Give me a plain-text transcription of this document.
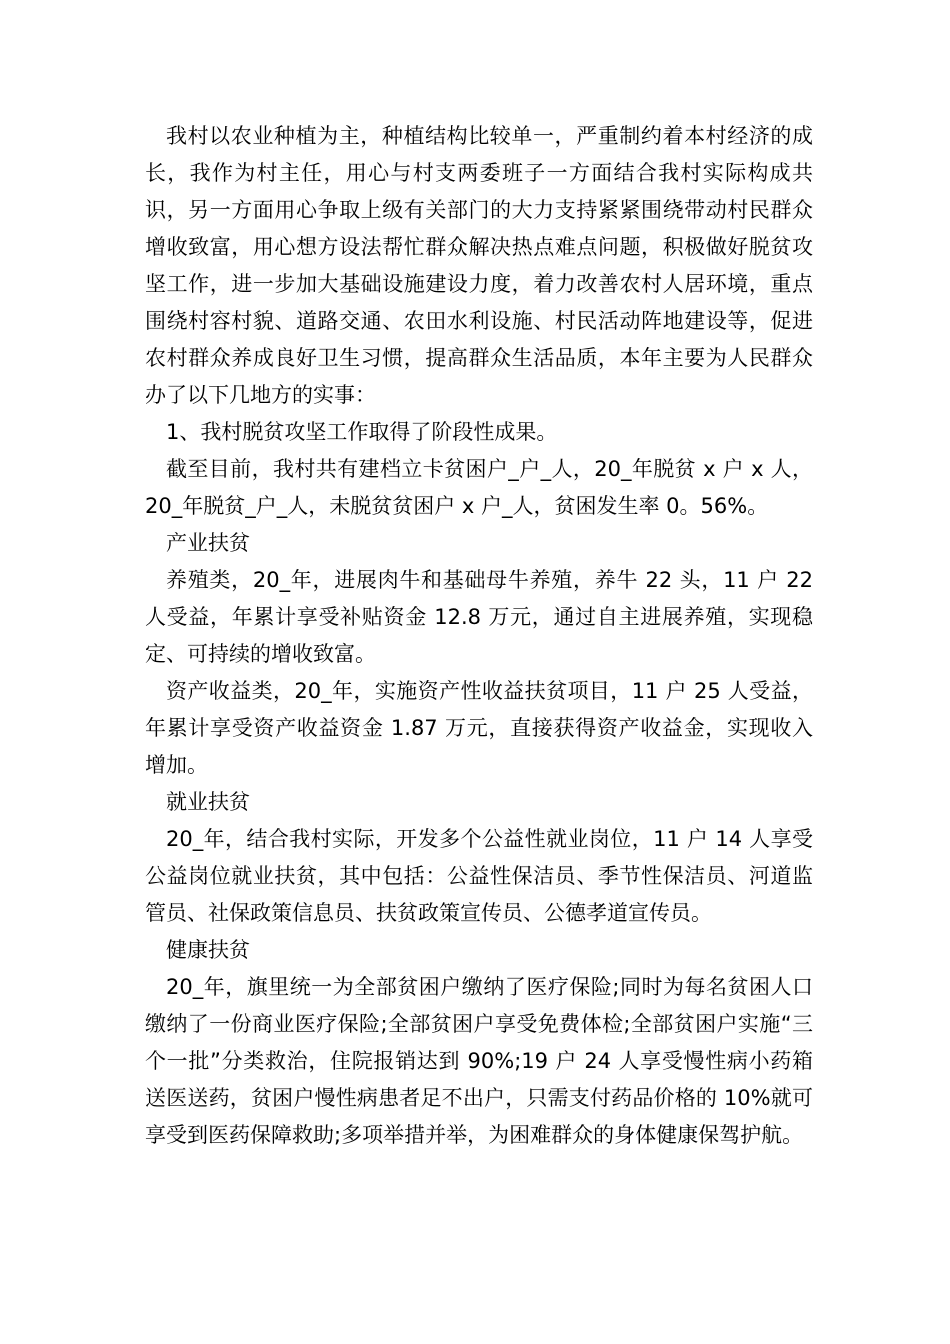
我村以农业种植为主，种植结构比较单一，严重制约着本村经济的成长，我作为村主任，用心与村支两委班子一方面结合我村实际构成共识，另一方面用心争取上级有关部门的大力支持紧紧围绕带动村民群众增收致富，用心想方设法帮忙群众解决热点难点问题，积极做好脱贫攻坚工作，进一步加大基础设施建设力度，着力改善农村人居环境，重点围绕村容村貌、道路交通、农田水利设施、村民活动阵地建设等，促进农村群众养成良好卫生习惯，提高群众生活品质，本年主要为人民群众办了以下几地方的实事：

1、我村脱贫攻坚工作取得了阶段性成果。

截至目前，我村共有建档立卡贫困户_户_人，20_年脱贫 x 户 x 人，20_年脱贫_户_人，未脱贫贫困户 x 户_人，贫困发生率 0。56%。

产业扶贫

养殖类，20_年，进展肉牛和基础母牛养殖，养牛 22 头，11 户 22 人受益，年累计享受补贴资金 12.8 万元，通过自主进展养殖，实现稳定、可持续的增收致富。

资产收益类，20_年，实施资产性收益扶贫项目，11 户 25 人受益，年累计享受资产收益资金 1.87 万元，直接获得资产收益金，实现收入增加。

就业扶贫

20_年，结合我村实际，开发多个公益性就业岗位，11 户 14 人享受公益岗位就业扶贫，其中包括：公益性保洁员、季节性保洁员、河道监管员、社保政策信息员、扶贫政策宣传员、公德孝道宣传员。

健康扶贫

20_年，旗里统一为全部贫困户缴纳了医疗保险;同时为每名贫困人口缴纳了一份商业医疗保险;全部贫困户享受免费体检;全部贫困户实施“三个一批”分类救治，住院报销达到 90%;19 户 24 人享受慢性病小药箱送医送药，贫困户慢性病患者足不出户，只需支付药品价格的 10%就可享受到医药保障救助;多项举措并举，为困难群众的身体健康保驾护航。
